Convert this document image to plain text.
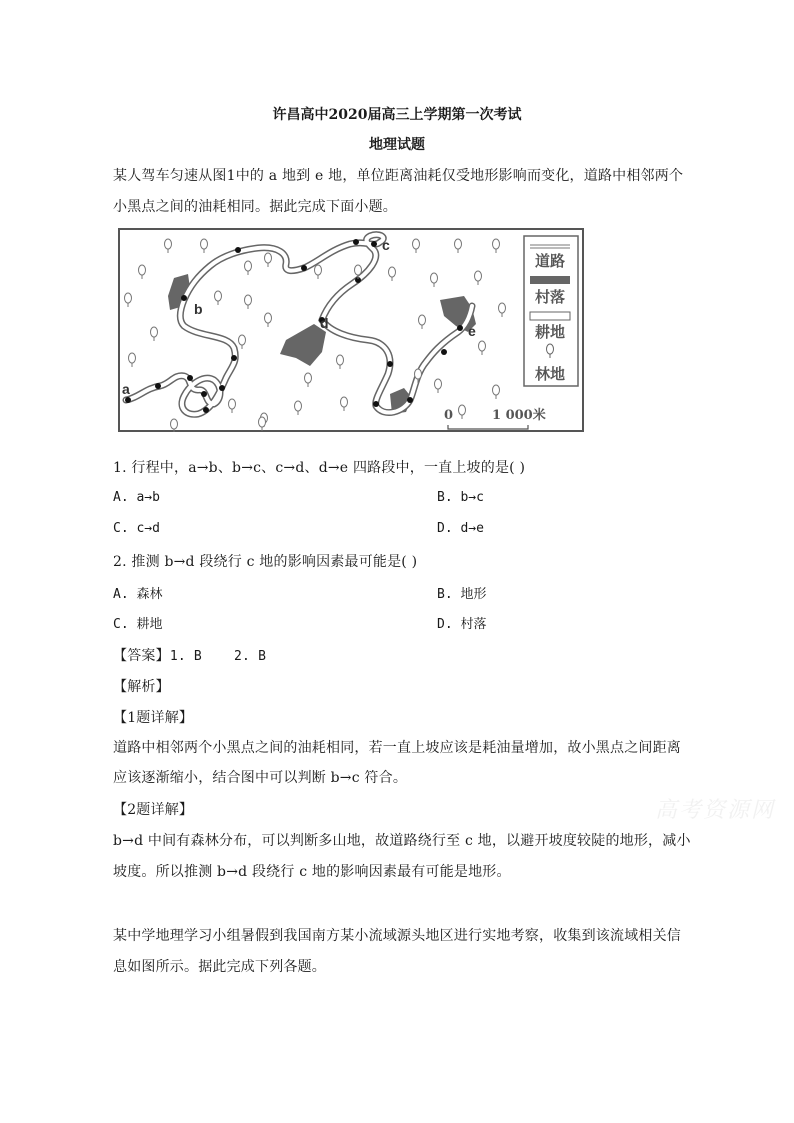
许昌高中2020届高三上学期第一次考试
地理试题
某人驾车匀速从图1中的 a 地到 e 地，单位距离油耗仅受地形影响而变化，道路中相邻两个
小黑点之间的油耗相同。据此完成下面小题。
道路
村落
耕地
林地
0	1 000米
a
b
c
d	e
1. 行程中，a→b、b→c、c→d、d→e 四路段中，一直上坡的是( )
A. a→b	B. b→c
C. c→d	D. d→e
2. 推测 b→d 段绕行 c 地的影响因素最可能是( )
A. 森林	B. 地形
C. 耕地	D. 村落
【答案】1. B    2. B
【解析】
【1题详解】
道路中相邻两个小黑点之间的油耗相同，若一直上坡应该是耗油量增加，故小黑点之间距离
应该逐渐缩小，结合图中可以判断 b→c 符合。
【2题详解】
b→d 中间有森林分布，可以判断多山地，故道路绕行至 c 地，以避开坡度较陡的地形，减小
坡度。所以推测 b→d 段绕行 c 地的影响因素最有可能是地形。
某中学地理学习小组暑假到我国南方某小流域源头地区进行实地考察，收集到该流域相关信
息如图所示。据此完成下列各题。
高考资源网
